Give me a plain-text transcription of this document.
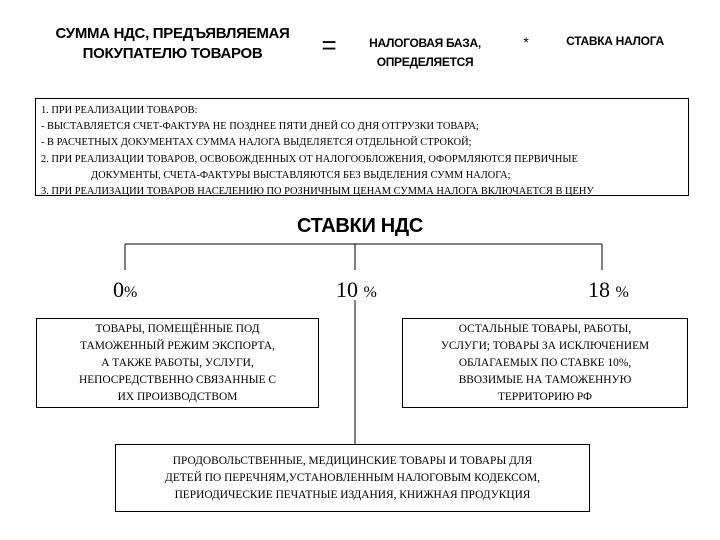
СУММА НДС, ПРЕДЪЯВЛЯЕМАЯ
ПОКУПАТЕЛЮ ТОВАРОВ	=	НАЛОГОВАЯ БАЗА,
ОПРЕДЕЛЯЕТСЯ
*	СТАВКА НАЛОГА
1. ПРИ РЕАЛИЗАЦИИ ТОВАРОВ:
- ВЫСТАВЛЯЕТСЯ СЧЕТ-ФАКТУРА НЕ ПОЗДНЕЕ ПЯТИ ДНЕЙ СО ДНЯ ОТГРУЗКИ ТОВАРА;
- В РАСЧЕТНЫХ ДОКУМЕНТАХ СУММА НАЛОГА ВЫДЕЛЯЕТСЯ ОТДЕЛЬНОЙ СТРОКОЙ;
2. ПРИ РЕАЛИЗАЦИИ ТОВАРОВ, ОСВОБОЖДЕННЫХ ОТ НАЛОГООБЛОЖЕНИЯ, ОФОРМЛЯЮТСЯ ПЕРВИЧНЫЕ
ДОКУМЕНТЫ, СЧЕТА-ФАКТУРЫ ВЫСТАВЛЯЮТСЯ БЕЗ ВЫДЕЛЕНИЯ СУММ НАЛОГА;
3. ПРИ РЕАЛИЗАЦИИ ТОВАРОВ НАСЕЛЕНИЮ ПО РОЗНИЧНЫМ ЦЕНАМ СУММА НАЛОГА ВКЛЮЧАЕТСЯ В ЦЕНУ
СТАВКИ НДС
0%	10 %	18 %
ТОВАРЫ, ПОМЕЩЁННЫЕ ПОД
ТАМОЖЕННЫЙ РЕЖИМ ЭКСПОРТА,
А ТАКЖЕ РАБОТЫ, УСЛУГИ,
НЕПОСРЕДСТВЕННО СВЯЗАННЫЕ С
ИХ ПРОИЗВОДСТВОМ
ОСТАЛЬНЫЕ ТОВАРЫ, РАБОТЫ,
УСЛУГИ; ТОВАРЫ ЗА ИСКЛЮЧЕНИЕМ
ОБЛАГАЕМЫХ ПО СТАВКЕ 10%,
ВВОЗИМЫЕ НА ТАМОЖЕННУЮ
ТЕРРИТОРИЮ РФ
ПРОДОВОЛЬСТВЕННЫЕ, МЕДИЦИНСКИЕ ТОВАРЫ И ТОВАРЫ ДЛЯ
ДЕТЕЙ ПО ПЕРЕЧНЯМ,УСТАНОВЛЕННЫМ НАЛОГОВЫМ КОДЕКСОМ,
ПЕРИОДИЧЕСКИЕ ПЕЧАТНЫЕ ИЗДАНИЯ, КНИЖНАЯ ПРОДУКЦИЯ
